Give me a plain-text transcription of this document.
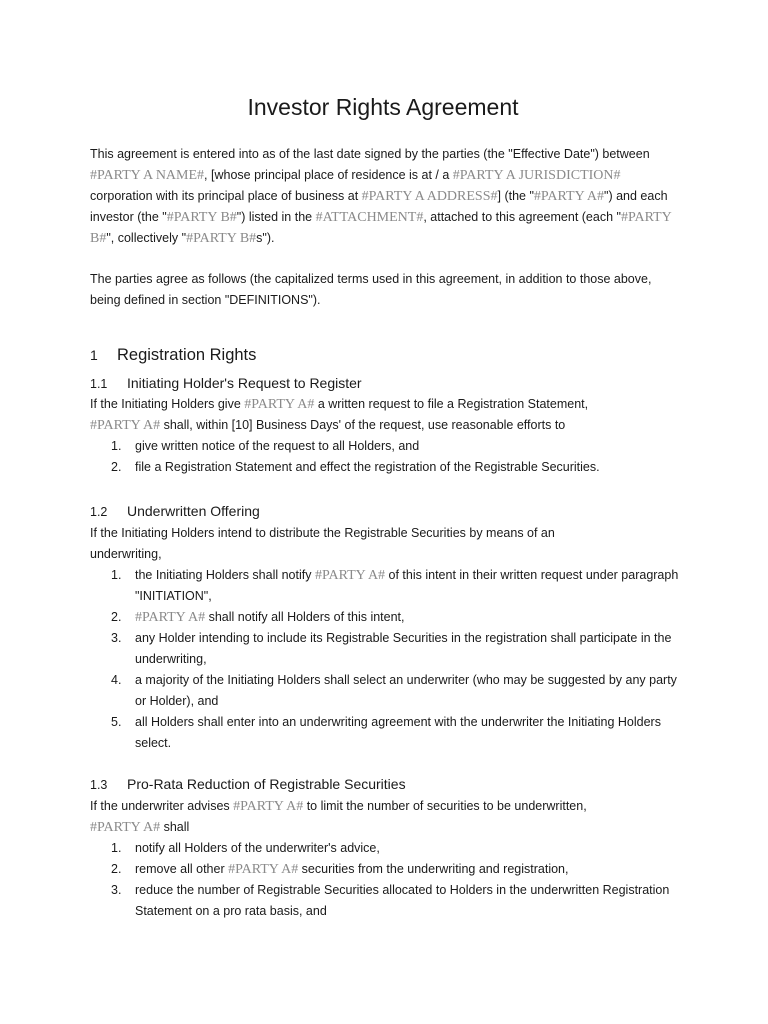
Investor Rights Agreement

This agreement is entered into as of the last date signed by the parties (the "Effective Date") between
#PARTY A NAME#, [whose principal place of residence is at / a #PARTY A JURISDICTION#
corporation with its principal place of business at #PARTY A ADDRESS#] (the "#PARTY A#") and each investor (the "#PARTY B#") listed in the #ATTACHMENT#, attached to this agreement (each "#PARTY B#", collectively "#PARTY B#s").

The parties agree as follows (the capitalized terms used in this agreement, in addition to those above, being defined in section "DEFINITIONS").

1 Registration Rights
1.1 Initiating Holder's Request to Register

If the Initiating Holders give #PARTY A# a written request to file a Registration Statement,
#PARTY A# shall, within [10] Business Days' of the request, use reasonable efforts to

1. give written notice of the request to all Holders, and
2. file a Registration Statement and effect the registration of the Registrable Securities.
1.2 Underwritten Offering

If the Initiating Holders intend to distribute the Registrable Securities by means of an underwriting,

1. the Initiating Holders shall notify #PARTY A# of this intent in their written request under paragraph "INITIATION",
2. #PARTY A# shall notify all Holders of this intent,
3. any Holder intending to include its Registrable Securities in the registration shall participate in the underwriting,
4. a majority of the Initiating Holders shall select an underwriter (who may be suggested by any party or Holder), and
5. all Holders shall enter into an underwriting agreement with the underwriter the Initiating Holders select.
1.3 Pro-Rata Reduction of Registrable Securities

If the underwriter advises #PARTY A# to limit the number of securities to be underwritten,
#PARTY A# shall

1. notify all Holders of the underwriter's advice,
2. remove all other #PARTY A# securities from the underwriting and registration,
3. reduce the number of Registrable Securities allocated to Holders in the underwritten Registration Statement on a pro rata basis, and
